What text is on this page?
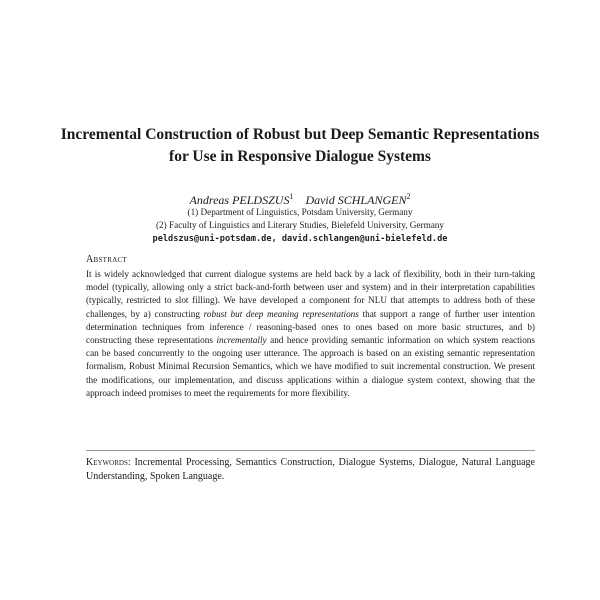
Incremental Construction of Robust but Deep Semantic Representations for Use in Responsive Dialogue Systems
Andreas PELDSZUS$^1$ David SCHLANGEN$^2$
(1) Department of Linguistics, Potsdam University, Germany
(2) Faculty of Linguistics and Literary Studies, Bielefeld University, Germany
peldszus@uni-potsdam.de, david.schlangen@uni-bielefeld.de
Abstract
It is widely acknowledged that current dialogue systems are held back by a lack of flexibility, both in their turn-taking model (typically, allowing only a strict back-and-forth between user and system) and in their interpretation capabilities (typically, restricted to slot filling). We have developed a component for NLU that attempts to address both of these challenges, by a) constructing robust but deep meaning representations that support a range of further user intention determination techniques from inference / reasoning-based ones to ones based on more basic structures, and b) constructing these representations incrementally and hence providing semantic information on which system reactions can be based concurrently to the ongoing user utterance. The approach is based on an existing semantic representation formalism, Robust Minimal Recursion Semantics, which we have modified to suit incremental construction. We present the modifications, our implementation, and discuss applications within a dialogue system context, showing that the approach indeed promises to meet the requirements for more flexibility.
Keywords: Incremental Processing, Semantics Construction, Dialogue Systems, Dialogue, Natural Language Understanding, Spoken Language.
